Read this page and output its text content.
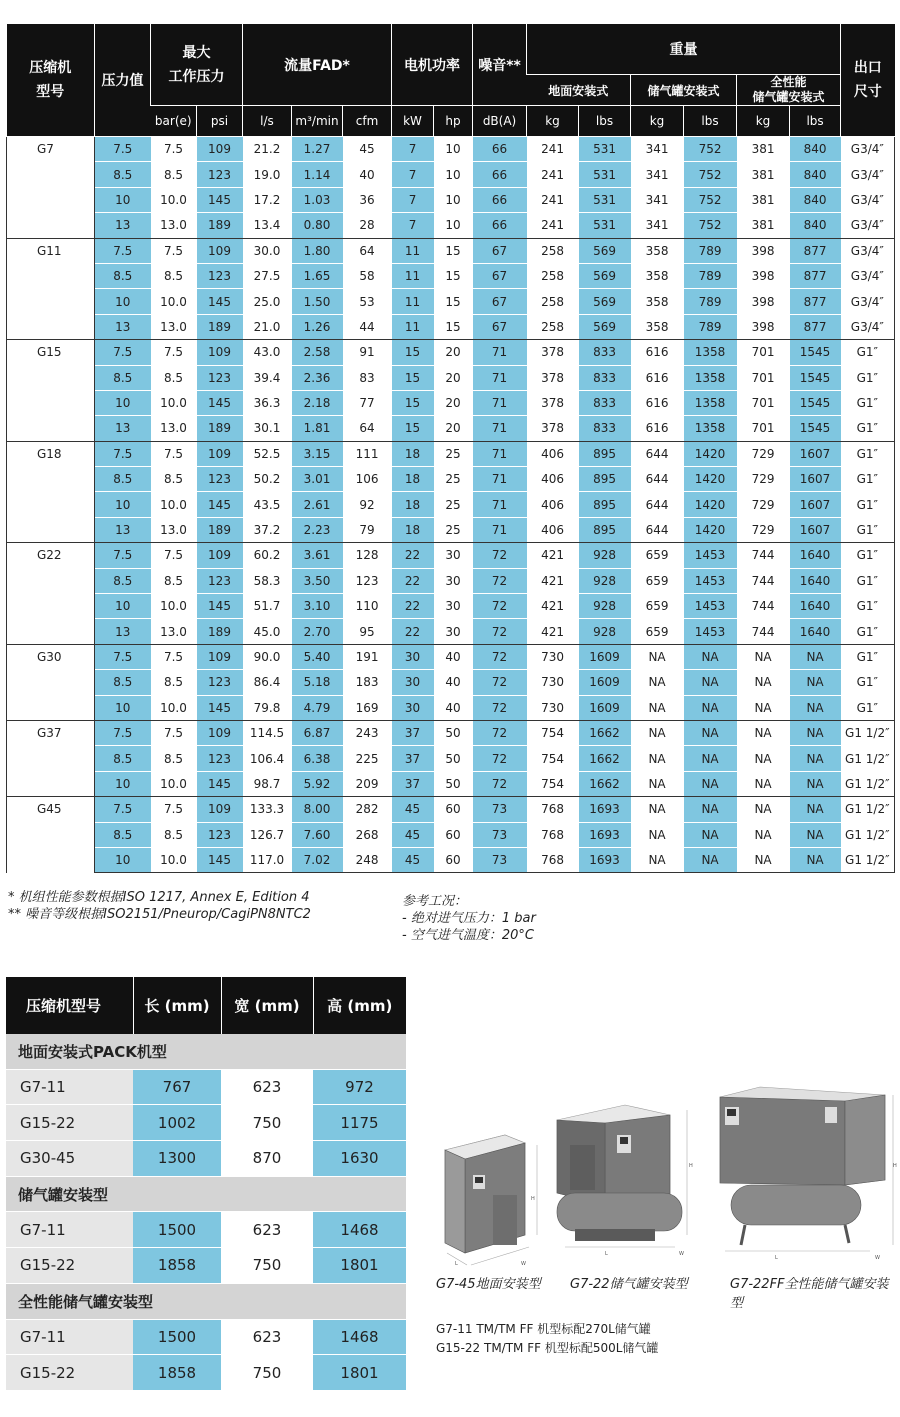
压缩机
型号	压力值	最大
工作压力		流量FAD*			电机功率		噪音**	重量						出口
尺寸
										地面安装式		储气罐安装式		全性能
储气罐安装式		
		bar(e)	psi	l/s	m³/min	cfm	kW	hp	dB(A)	kg	lbs	kg	lbs	kg	lbs	
G7	7.5	7.5	109	21.2	1.27	45	7	10	66	241	531	341	752	381	840	G3/4″
	8.5	8.5	123	19.0	1.14	40	7	10	66	241	531	341	752	381	840	G3/4″
	10	10.0	145	17.2	1.03	36	7	10	66	241	531	341	752	381	840	G3/4″
	13	13.0	189	13.4	0.80	28	7	10	66	241	531	341	752	381	840	G3/4″
G11	7.5	7.5	109	30.0	1.80	64	11	15	67	258	569	358	789	398	877	G3/4″
	8.5	8.5	123	27.5	1.65	58	11	15	67	258	569	358	789	398	877	G3/4″
	10	10.0	145	25.0	1.50	53	11	15	67	258	569	358	789	398	877	G3/4″
	13	13.0	189	21.0	1.26	44	11	15	67	258	569	358	789	398	877	G3/4″
G15	7.5	7.5	109	43.0	2.58	91	15	20	71	378	833	616	1358	701	1545	G1″
	8.5	8.5	123	39.4	2.36	83	15	20	71	378	833	616	1358	701	1545	G1″
	10	10.0	145	36.3	2.18	77	15	20	71	378	833	616	1358	701	1545	G1″
	13	13.0	189	30.1	1.81	64	15	20	71	378	833	616	1358	701	1545	G1″
G18	7.5	7.5	109	52.5	3.15	111	18	25	71	406	895	644	1420	729	1607	G1″
	8.5	8.5	123	50.2	3.01	106	18	25	71	406	895	644	1420	729	1607	G1″
	10	10.0	145	43.5	2.61	92	18	25	71	406	895	644	1420	729	1607	G1″
	13	13.0	189	37.2	2.23	79	18	25	71	406	895	644	1420	729	1607	G1″
G22	7.5	7.5	109	60.2	3.61	128	22	30	72	421	928	659	1453	744	1640	G1″
	8.5	8.5	123	58.3	3.50	123	22	30	72	421	928	659	1453	744	1640	G1″
	10	10.0	145	51.7	3.10	110	22	30	72	421	928	659	1453	744	1640	G1″
	13	13.0	189	45.0	2.70	95	22	30	72	421	928	659	1453	744	1640	G1″
G30	7.5	7.5	109	90.0	5.40	191	30	40	72	730	1609	NA	NA	NA	NA	G1″
	8.5	8.5	123	86.4	5.18	183	30	40	72	730	1609	NA	NA	NA	NA	G1″
	10	10.0	145	79.8	4.79	169	30	40	72	730	1609	NA	NA	NA	NA	G1″
G37	7.5	7.5	109	114.5	6.87	243	37	50	72	754	1662	NA	NA	NA	NA	G1 1/2″
	8.5	8.5	123	106.4	6.38	225	37	50	72	754	1662	NA	NA	NA	NA	G1 1/2″
	10	10.0	145	98.7	5.92	209	37	50	72	754	1662	NA	NA	NA	NA	G1 1/2″
G45	7.5	7.5	109	133.3	8.00	282	45	60	73	768	1693	NA	NA	NA	NA	G1 1/2″
	8.5	8.5	123	126.7	7.60	268	45	60	73	768	1693	NA	NA	NA	NA	G1 1/2″
	10	10.0	145	117.0	7.02	248	45	60	73	768	1693	NA	NA	NA	NA	G1 1/2″
* 机组性能参数根据ISO 1217, Annex E, Edition 4
** 噪音等级根据ISO2151/Pneurop/CagiPN8NTC2
参考工况：
- 绝对进气压力：1 bar
- 空气进气温度：20°C
压缩机型号	长 (mm)	宽 (mm)	高 (mm)
地面安装式PACK机型			
G7-11	767	623	972
G15-22	1002	750	1175
G30-45	1300	870	1630
储气罐安装型			
G7-11	1500	623	1468
G15-22	1858	750	1801
全性能储气罐安装型			
G7-11	1500	623	1468
G15-22	1858	750	1801
H
L	W
H
L	W
H
L	W
G7-45地面安装型 G7-22储气罐安装型	G7-22FF全性能储气罐安装型
G7-11 TM/TM FF 机型标配270L储气罐
G15-22 TM/TM FF 机型标配500L储气罐
